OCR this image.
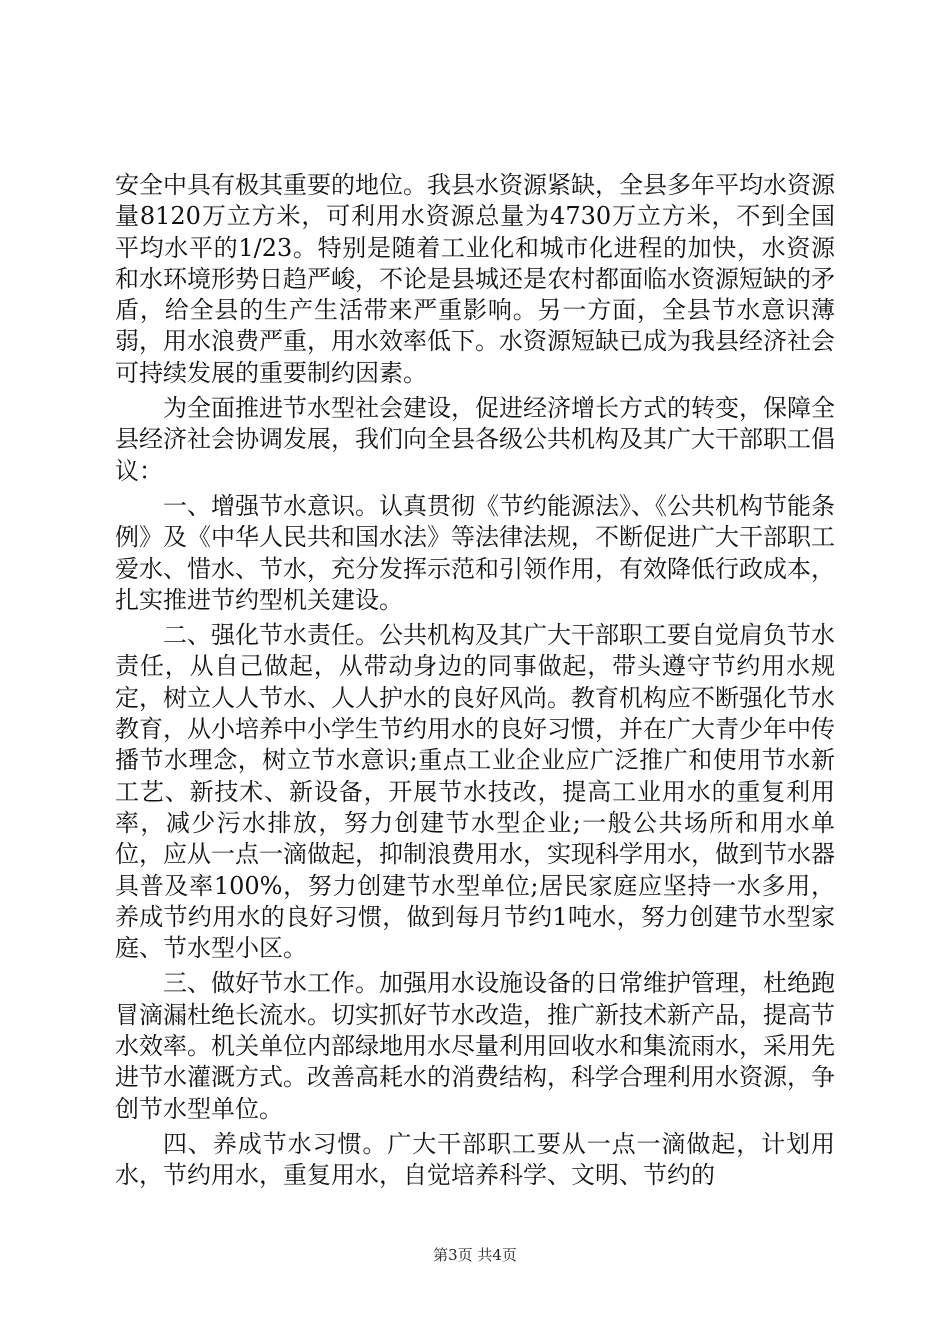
安全中具有极其重要的地位。我县水资源紧缺，全县多年平均水资源量8120万立方米，可利用水资源总量为4730万立方米，不到全国平均水平的1/23。特别是随着工业化和城市化进程的加快，水资源和水环境形势日趋严峻，不论是县城还是农村都面临水资源短缺的矛盾，给全县的生产生活带来严重影响。另一方面，全县节水意识薄弱，用水浪费严重，用水效率低下。水资源短缺已成为我县经济社会可持续发展的重要制约因素。

为全面推进节水型社会建设，促进经济增长方式的转变，保障全县经济社会协调发展，我们向全县各级公共机构及其广大干部职工倡议：

一、增强节水意识。认真贯彻《节约能源法》、《公共机构节能条例》及《中华人民共和国水法》等法律法规，不断促进广大干部职工爱水、惜水、节水，充分发挥示范和引领作用，有效降低行政成本，扎实推进节约型机关建设。

二、强化节水责任。公共机构及其广大干部职工要自觉肩负节水责任，从自己做起，从带动身边的同事做起，带头遵守节约用水规定，树立人人节水、人人护水的良好风尚。教育机构应不断强化节水教育，从小培养中小学生节约用水的良好习惯，并在广大青少年中传播节水理念，树立节水意识;重点工业企业应广泛推广和使用节水新工艺、新技术、新设备，开展节水技改，提高工业用水的重复利用率，减少污水排放，努力创建节水型企业;一般公共场所和用水单位，应从一点一滴做起，抑制浪费用水，实现科学用水，做到节水器具普及率100%，努力创建节水型单位;居民家庭应坚持一水多用，养成节约用水的良好习惯，做到每月节约1吨水，努力创建节水型家庭、节水型小区。

三、做好节水工作。加强用水设施设备的日常维护管理，杜绝跑冒滴漏杜绝长流水。切实抓好节水改造，推广新技术新产品，提高节水效率。机关单位内部绿地用水尽量利用回收水和集流雨水，采用先进节水灌溉方式。改善高耗水的消费结构，科学合理利用水资源，争创节水型单位。

四、养成节水习惯。广大干部职工要从一点一滴做起，计划用水，节约用水，重复用水，自觉培养科学、文明、节约的

第3页 共4页
